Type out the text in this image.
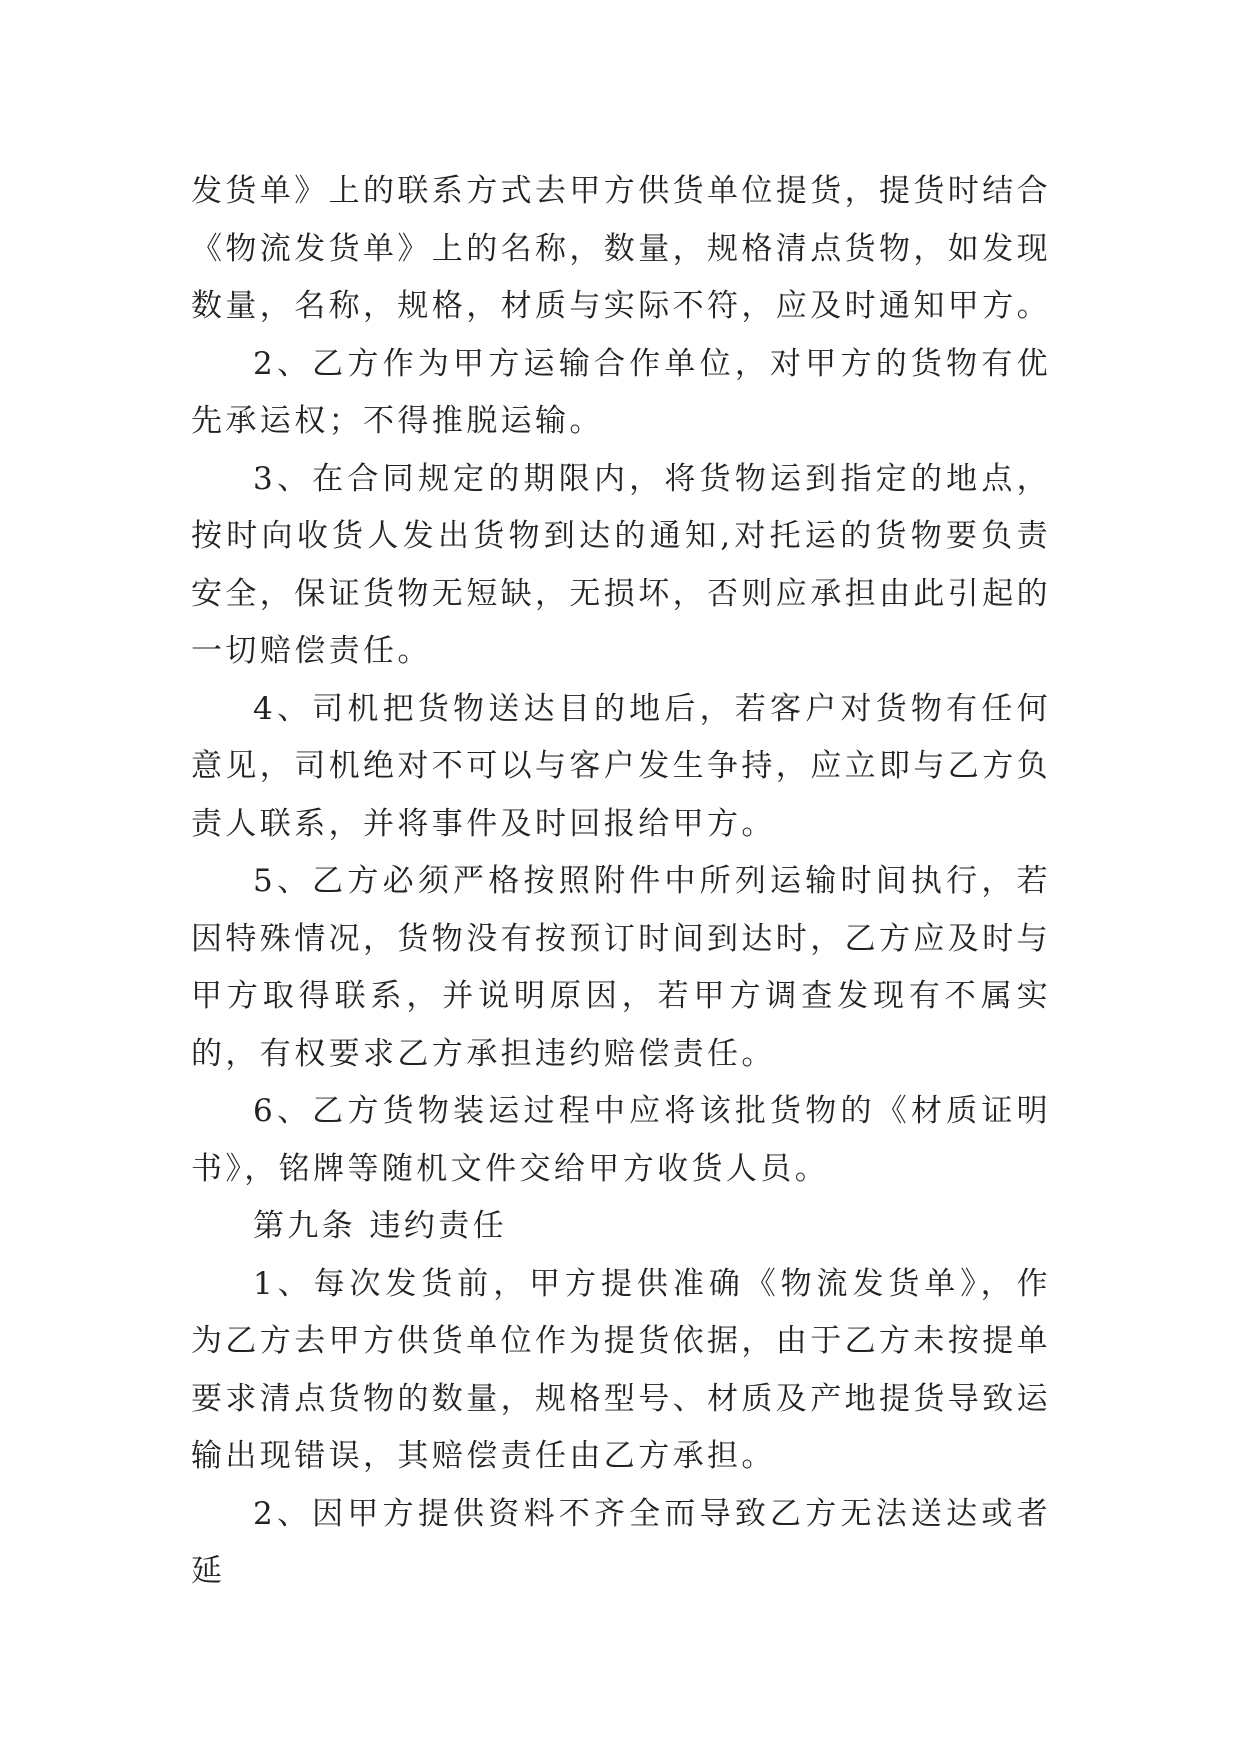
发货单》上的联系方式去甲方供货单位提货，提货时结合《物流发货单》上的名称，数量，规格清点货物，如发现数量，名称，规格，材质与实际不符，应及时通知甲方。

2、乙方作为甲方运输合作单位，对甲方的货物有优先承运权；不得推脱运输。

3、在合同规定的期限内，将货物运到指定的地点，按时向收货人发出货物到达的通知,对托运的货物要负责安全，保证货物无短缺，无损坏，否则应承担由此引起的一切赔偿责任。

4、司机把货物送达目的地后，若客户对货物有任何意见，司机绝对不可以与客户发生争持，应立即与乙方负责人联系，并将事件及时回报给甲方。

5、乙方必须严格按照附件中所列运输时间执行，若因特殊情况，货物没有按预订时间到达时，乙方应及时与甲方取得联系，并说明原因，若甲方调查发现有不属实的，有权要求乙方承担违约赔偿责任。

6、乙方货物装运过程中应将该批货物的《材质证明书》，铭牌等随机文件交给甲方收货人员。

第九条 违约责任

1、每次发货前，甲方提供准确《物流发货单》，作为乙方去甲方供货单位作为提货依据，由于乙方未按提单要求清点货物的数量，规格型号、材质及产地提货导致运输出现错误，其赔偿责任由乙方承担。

2、因甲方提供资料不齐全而导致乙方无法送达或者延
